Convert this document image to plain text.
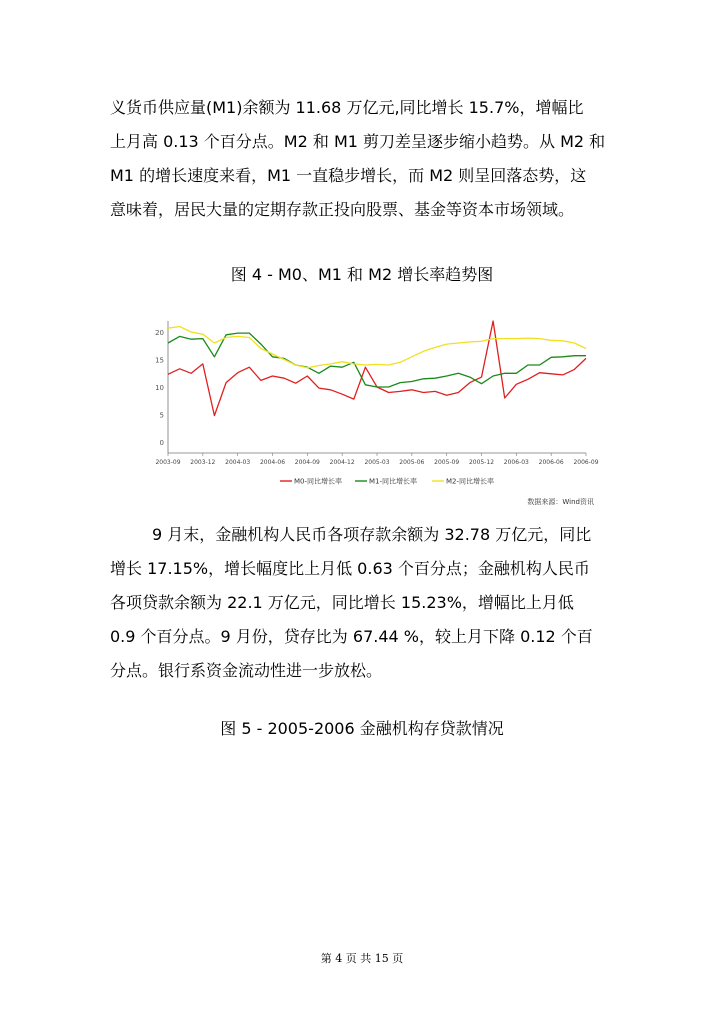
义货币供应量(M1)余额为 11.68 万亿元,同比增长 15.7%，增幅比
上月高 0.13 个百分点。M2 和 M1 剪刀差呈逐步缩小趋势。从 M2 和
M1 的增长速度来看，M1 一直稳步增长，而 M2 则呈回落态势，这
意味着，居民大量的定期存款正投向股票、基金等资本市场领域。
图 4 - M0、M1 和 M2 增长率趋势图
0
5
10
15
20
2003-09 2003-12 2004-03 2004-06 2004-09 2004-12 2005-03 2005-06 2005-09 2005-12 2006-03 2006-06 2006-09
M0-同比增长率	M1-同比增长率	M2-同比增长率
数据来源：Wind资讯
9 月末，金融机构人民币各项存款余额为 32.78 万亿元，同比
增长 17.15%，增长幅度比上月低 0.63 个百分点；金融机构人民币
各项贷款余额为 22.1 万亿元，同比增长 15.23%，增幅比上月低
0.9 个百分点。9 月份，贷存比为 67.44 %，较上月下降 0.12 个百
分点。银行系资金流动性进一步放松。
图 5 - 2005-2006 金融机构存贷款情况
第 4 页 共 15 页
